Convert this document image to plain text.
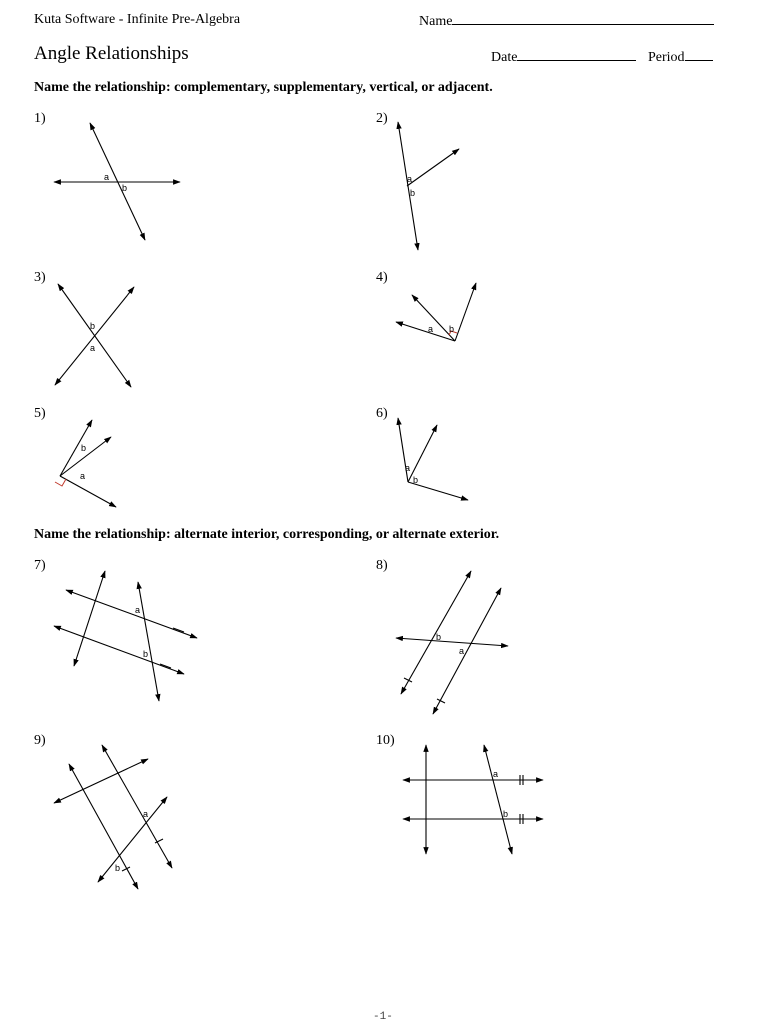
Kuta Software - Infinite Pre-Algebra	Name
Angle Relationships	Date	Period
Name the relationship: complementary, supplementary, vertical, or adjacent.
1)
a
b
2)
a
b
3)
b
a
4)
a b
5)
b
a
6)
a
b
Name the relationship: alternate interior, corresponding, or alternate exterior.
7)
a
b
8)
b
a
9)
a
b
10)
a
b
-1-
